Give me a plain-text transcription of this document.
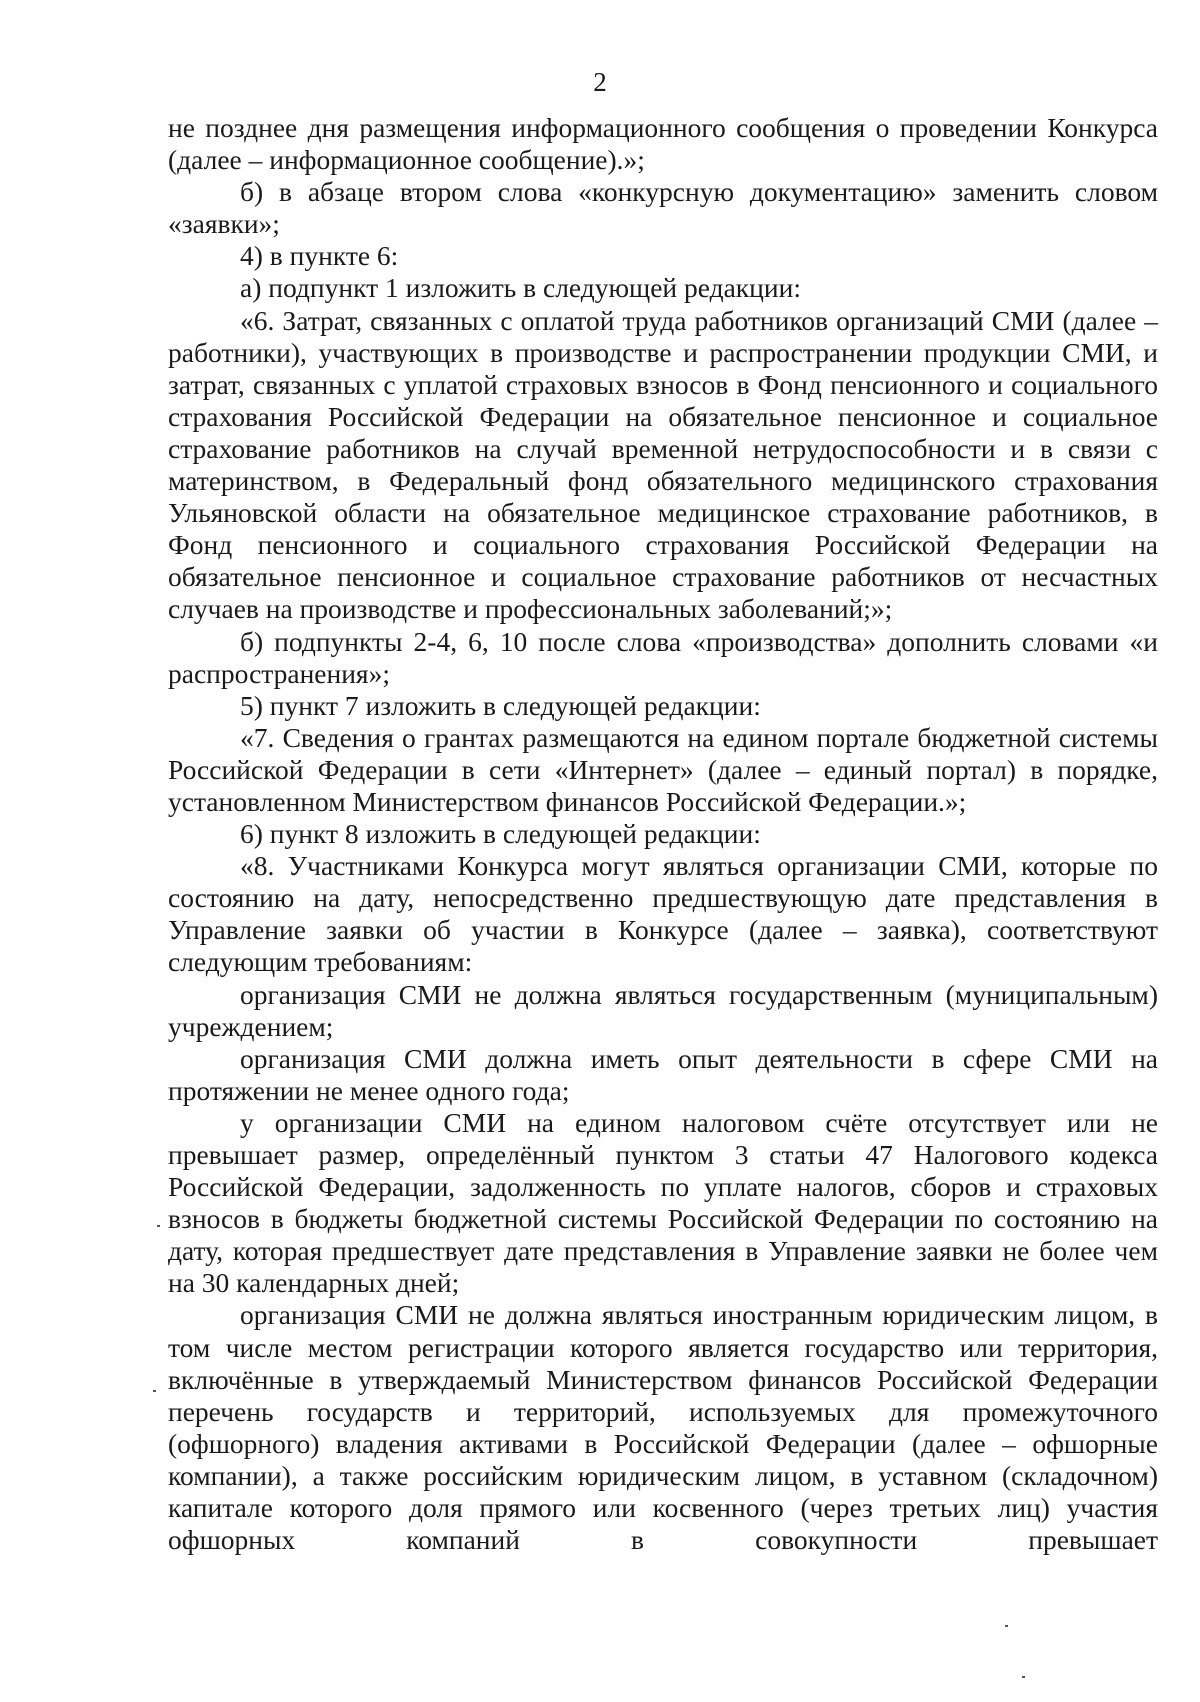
2

не позднее дня размещения информационного сообщения о проведении Конкурса (далее – информационное сообщение).»;

б) в абзаце втором слова «конкурсную документацию» заменить словом «заявки»;

4) в пункте 6:

а) подпункт 1 изложить в следующей редакции:

«6. Затрат, связанных с оплатой труда работников организаций СМИ (далее – работники), участвующих в производстве и распространении продукции СМИ, и затрат, связанных с уплатой страховых взносов в Фонд пенсионного и социального страхования Российской Федерации на обязательное пенсионное и социальное страхование работников на случай временной нетрудоспособности и в связи с материнством, в Федеральный фонд обязательного медицинского страхования Ульяновской области на обязательное медицинское страхование работников, в Фонд пенсионного и социального страхования Российской Федерации на обязательное пенсионное и социальное страхование работников от несчастных случаев на производстве и профессиональных заболеваний;»;

б) подпункты 2-4, 6, 10 после слова «производства» дополнить словами «и распространения»;

5) пункт 7 изложить в следующей редакции:

«7. Сведения о грантах размещаются на едином портале бюджетной системы Российской Федерации в сети «Интернет» (далее – единый портал) в порядке, установленном Министерством финансов Российской Федерации.»;

6) пункт 8 изложить в следующей редакции:

«8. Участниками Конкурса могут являться организации СМИ, которые по состоянию на дату, непосредственно предшествующую дате представления в Управление заявки об участии в Конкурсе (далее – заявка), соответствуют следующим требованиям:

организация СМИ не должна являться государственным (муниципальным) учреждением;

организация СМИ должна иметь опыт деятельности в сфере СМИ на протяжении не менее одного года;

у организации СМИ на едином налоговом счёте отсутствует или не превышает размер, определённый пунктом 3 статьи 47 Налогового кодекса Российской Федерации, задолженность по уплате налогов, сборов и страховых взносов в бюджеты бюджетной системы Российской Федерации по состоянию на дату, которая предшествует дате представления в Управление заявки не более чем на 30 календарных дней;

организация СМИ не должна являться иностранным юридическим лицом, в том числе местом регистрации которого является государство или территория, включённые в утверждаемый Министерством финансов Российской Федерации перечень государств и территорий, используемых для промежуточного (офшорного) владения активами в Российской Федерации (далее – офшорные компании), а также российским юридическим лицом, в уставном (складочном) капитале которого доля прямого или косвенного (через третьих лиц) участия офшорных компаний в совокупности превышает
